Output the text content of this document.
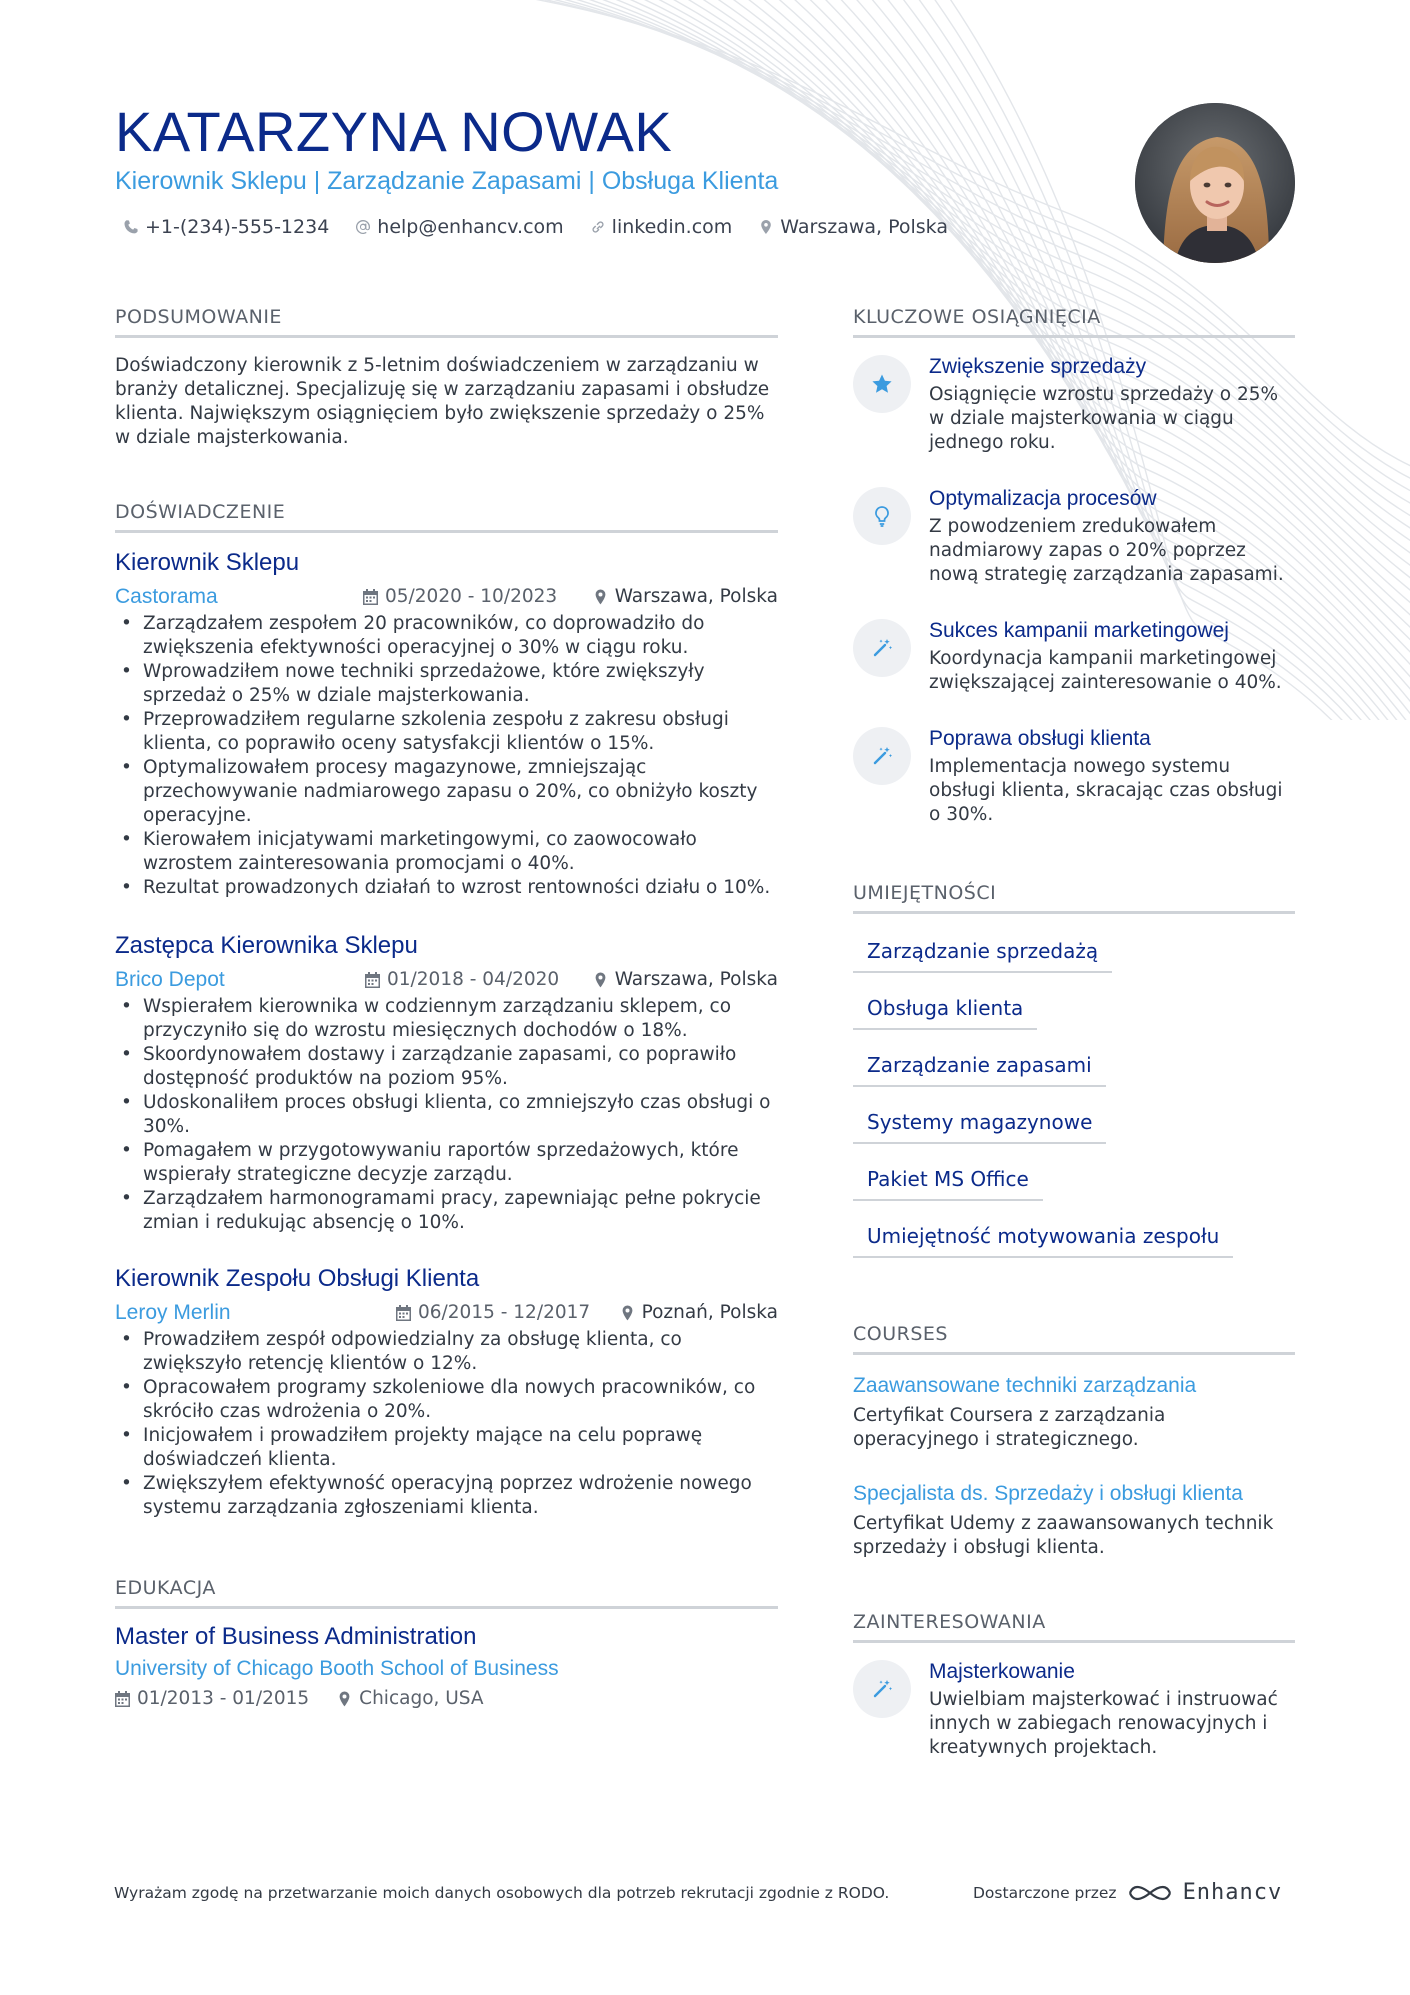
KATARZYNA NOWAK
Kierownik Sklepu | Zarządzanie Zapasami | Obsługa Klienta
+1-(234)-555-1234	help@enhancv.com	linkedin.com	Warszawa, Polska
PODSUMOWANIE
Doświadczony kierownik z 5-letnim doświadczeniem w zarządzaniu w branży detalicznej. Specjalizuję się w zarządzaniu zapasami i obsłudze klienta. Największym osiągnięciem było zwiększenie sprzedaży o 25% w dziale majsterkowania.
DOŚWIADCZENIE
Kierownik Sklepu
Castorama	05/2020 - 10/2023	Warszawa, Polska
• Zarządzałem zespołem 20 pracowników, co doprowadziło do zwiększenia efektywności operacyjnej o 30% w ciągu roku.
• Wprowadziłem nowe techniki sprzedażowe, które zwiększyły sprzedaż o 25% w dziale majsterkowania.
• Przeprowadziłem regularne szkolenia zespołu z zakresu obsługi klienta, co poprawiło oceny satysfakcji klientów o 15%.
• Optymalizowałem procesy magazynowe, zmniejszając przechowywanie nadmiarowego zapasu o 20%, co obniżyło koszty operacyjne.
• Kierowałem inicjatywami marketingowymi, co zaowocowało wzrostem zainteresowania promocjami o 40%.
• Rezultat prowadzonych działań to wzrost rentowności działu o 10%.
Zastępca Kierownika Sklepu
Brico Depot	01/2018 - 04/2020	Warszawa, Polska
• Wspierałem kierownika w codziennym zarządzaniu sklepem, co przyczyniło się do wzrostu miesięcznych dochodów o 18%.
• Skoordynowałem dostawy i zarządzanie zapasami, co poprawiło dostępność produktów na poziom 95%.
• Udoskonaliłem proces obsługi klienta, co zmniejszyło czas obsługi o 30%.
• Pomagałem w przygotowywaniu raportów sprzedażowych, które wspierały strategiczne decyzje zarządu.
• Zarządzałem harmonogramami pracy, zapewniając pełne pokrycie zmian i redukując absencję o 10%.
Kierownik Zespołu Obsługi Klienta
Leroy Merlin	06/2015 - 12/2017	Poznań, Polska
• Prowadziłem zespół odpowiedzialny za obsługę klienta, co zwiększyło retencję klientów o 12%.
• Opracowałem programy szkoleniowe dla nowych pracowników, co skróciło czas wdrożenia o 20%.
• Inicjowałem i prowadziłem projekty mające na celu poprawę doświadczeń klienta.
• Zwiększyłem efektywność operacyjną poprzez wdrożenie nowego systemu zarządzania zgłoszeniami klienta.
EDUKACJA
Master of Business Administration
University of Chicago Booth School of Business
01/2013 - 01/2015	Chicago, USA
KLUCZOWE OSIĄGNIĘCIA
Zwiększenie sprzedaży
Osiągnięcie wzrostu sprzedaży o 25% w dziale majsterkowania w ciągu jednego roku.
Optymalizacja procesów
Z powodzeniem zredukowałem nadmiarowy zapas o 20% poprzez nową strategię zarządzania zapasami.
Sukces kampanii marketingowej
Koordynacja kampanii marketingowej zwiększającej zainteresowanie o 40%.
Poprawa obsługi klienta
Implementacja nowego systemu obsługi klienta, skracając czas obsługi o 30%.
UMIEJĘTNOŚCI
Zarządzanie sprzedażą
Obsługa klienta
Zarządzanie zapasami
Systemy magazynowe
Pakiet MS Office
Umiejętność motywowania zespołu
COURSES
Zaawansowane techniki zarządzania
Certyfikat Coursera z zarządzania operacyjnego i strategicznego.
Specjalista ds. Sprzedaży i obsługi klienta
Certyfikat Udemy z zaawansowanych technik sprzedaży i obsługi klienta.
ZAINTERESOWANIA
Majsterkowanie
Uwielbiam majsterkować i instruować innych w zabiegach renowacyjnych i kreatywnych projektach.
Wyrażam zgodę na przetwarzanie moich danych osobowych dla potrzeb rekrutacji zgodnie z RODO.	Dostarczone przez	Enhancv
